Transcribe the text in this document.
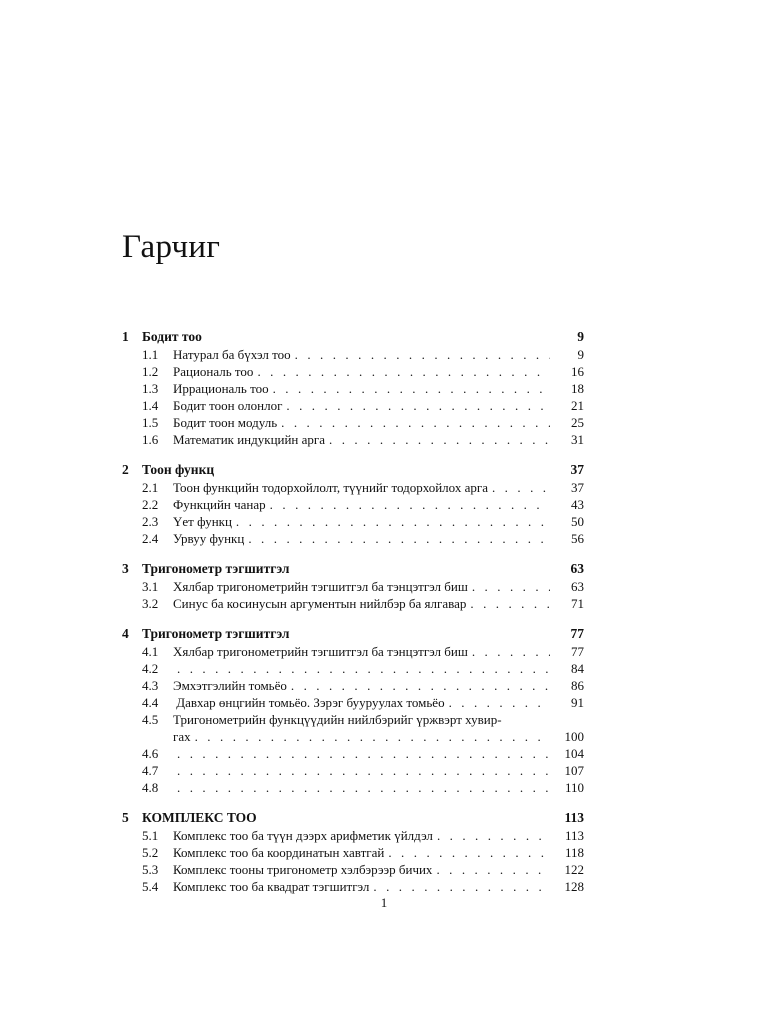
Гарчиг
1 Бодит тоо	9
1.1	Натурал ба бүхэл тоо . . .	9
1.2	Рациональ тоо . . .	16
1.3	Иррациональ тоо . . .	18
1.4	Бодит тоон олонлог . . .	21
1.5	Бодит тоон модуль . . .	25
1.6	Математик индукцийн арга . . .	31
2 Тоон функц	37
2.1	Тоон функцийн тодорхойлолт, түүнийг тодорхойлох арга . . .	37
2.2	Функцийн чанар . . .	43
2.3	Үет функц . . .	50
2.4	Урвуу функц . . .	56
3 Тригонометр тэгшитгэл	63
3.1	Хялбар тригонометрийн тэгшитгэл ба тэнцэтгэл биш . . .	63
3.2	Синус ба косинусын аргументын нийлбэр ба ялгавар . . .	71
4 Тригонометр тэгшитгэл	77
4.1	Хялбар тригонометрийн тэгшитгэл ба тэнцэтгэл биш . . .	77
4.2 . . .	84
4.3	Эмхэтгэлийн томьёо . . .	86
4.4	Давхар өнцгийн томьёо. Зэрэг бууруулах томьёо . . .	91
4.5	Тригонометрийн функцүүдийн нийлбэрийг үржвэрт хувир-
гах . . .	100
4.6 . . .	104
4.7 . . .	107
4.8 . . .	110
5 КОМПЛЕКС ТОО	113
5.1	Комплекс тоо ба түүн дээрх арифметик үйлдэл . . .	113
5.2	Комплекс тоо ба координатын хавтгай . . .	118
5.3	Комплекс тооны тригонометр хэлбэрээр бичих . . .	122
5.4	Комплекс тоо ба квадрат тэгшитгэл . . .	128
1
